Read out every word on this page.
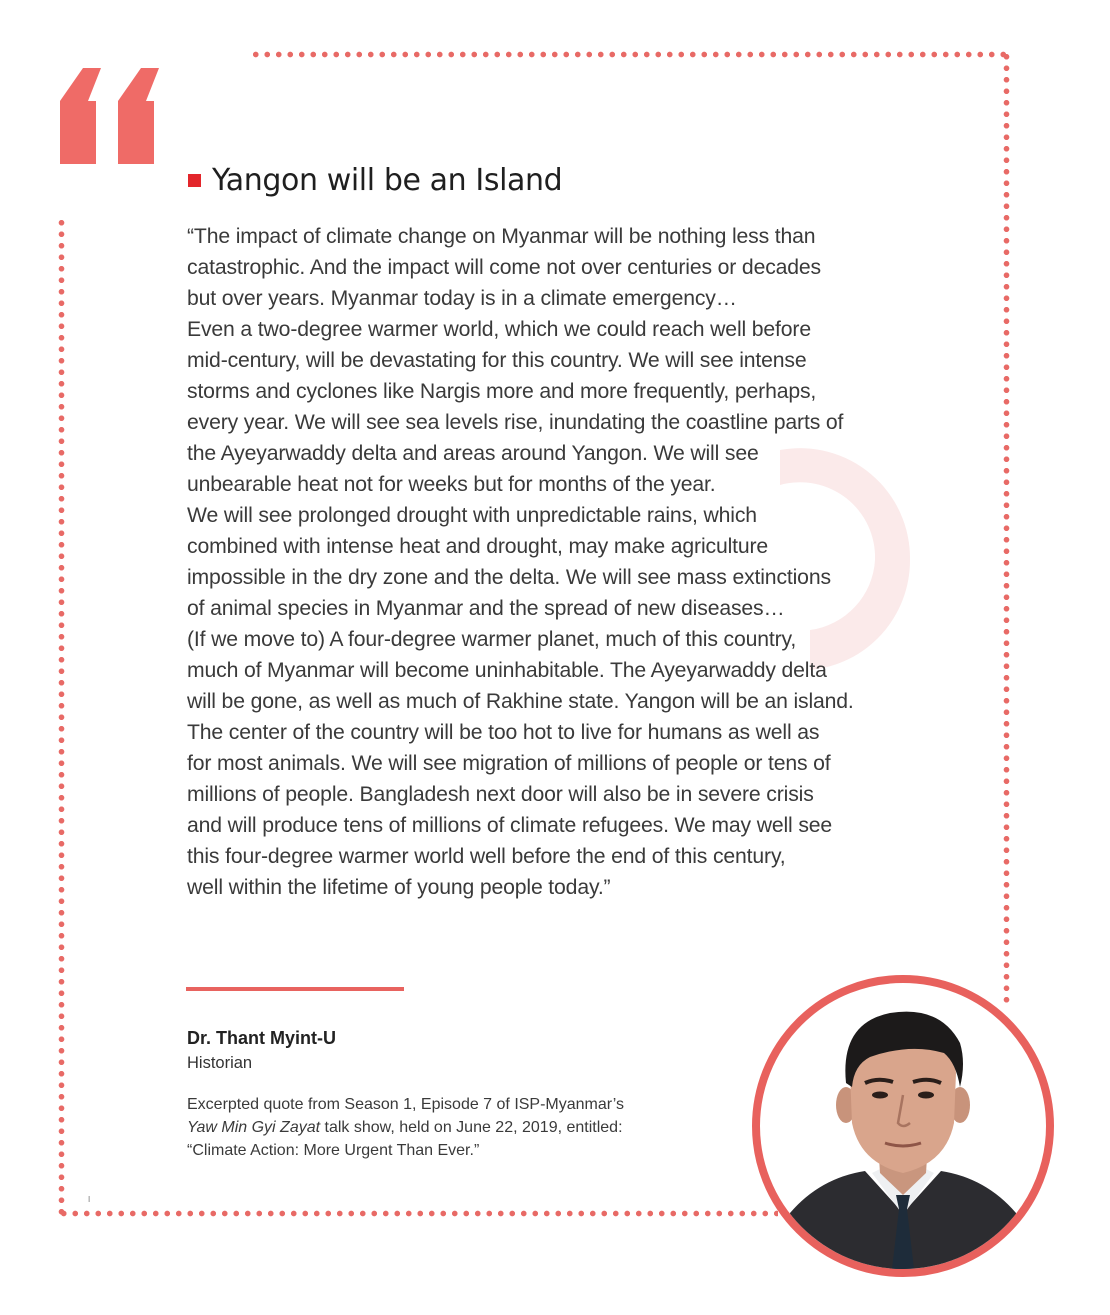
Yangon will be an Island

“The impact of climate change on Myanmar will be nothing less than
catastrophic. And the impact will come not over centuries or decades
but over years. Myanmar today is in a climate emergency…
Even a two-degree warmer world, which we could reach well before
mid-century, will be devastating for this country. We will see intense
storms and cyclones like Nargis more and more frequently, perhaps,
every year. We will see sea levels rise, inundating the coastline parts of
the Ayeyarwaddy delta and areas around Yangon. We will see
unbearable heat not for weeks but for months of the year.
We will see prolonged drought with unpredictable rains, which
combined with intense heat and drought, may make agriculture
impossible in the dry zone and the delta. We will see mass extinctions
of animal species in Myanmar and the spread of new diseases…
(If we move to) A four-degree warmer planet, much of this country,
much of Myanmar will become uninhabitable. The Ayeyarwaddy delta
will be gone, as well as much of Rakhine state. Yangon will be an island.
The center of the country will be too hot to live for humans as well as
for most animals. We will see migration of millions of people or tens of
millions of people. Bangladesh next door will also be in severe crisis
and will produce tens of millions of climate refugees. We may well see
this four-degree warmer world well before the end of this century,
well within the lifetime of young people today.”

Dr. Thant Myint-U
Historian
Excerpted quote from Season 1, Episode 7 of ISP-Myanmar’s
Yaw Min Gyi Zayat talk show, held on June 22, 2019, entitled:
“Climate Action: More Urgent Than Ever.”
I
